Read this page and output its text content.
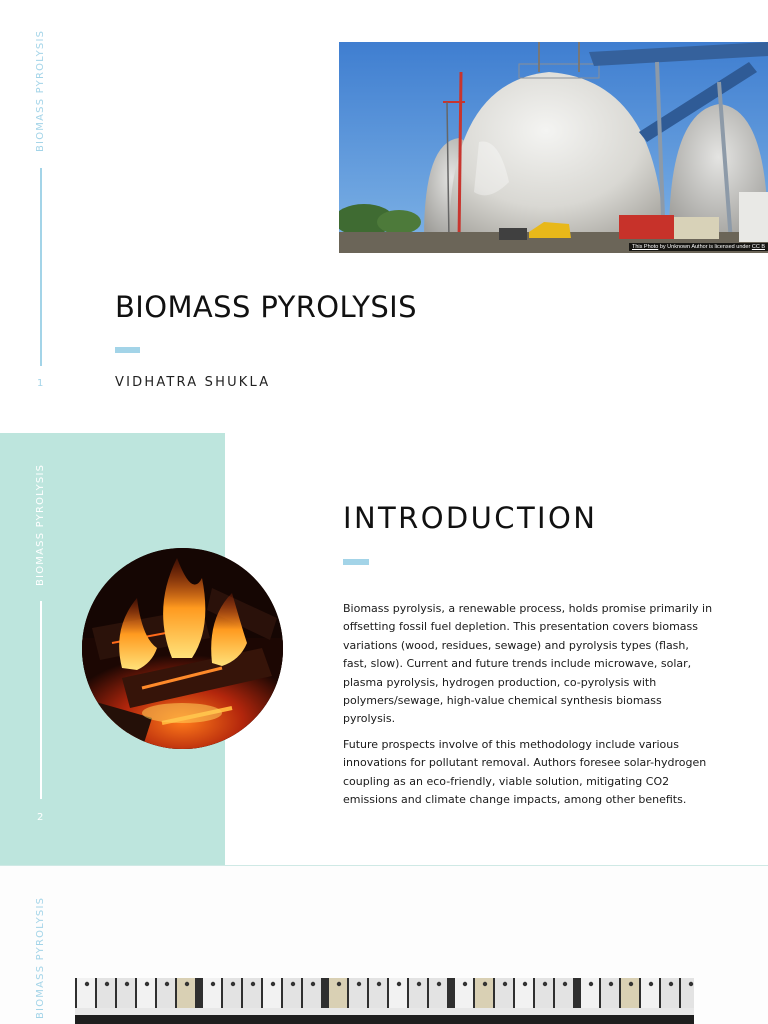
BIOMASS PYROLYSIS
1
This Photo by Unknown Author is licensed under CC B
BIOMASS PYROLYSIS
VIDHATRA SHUKLA
BIOMASS PYROLYSIS
2
INTRODUCTION

Biomass pyrolysis, a renewable process, holds promise primarily in offsetting fossil fuel depletion. This presentation covers biomass variations (wood, residues, sewage) and pyrolysis types (flash, fast, slow). Current and future trends include microwave, solar, plasma pyrolysis, hydrogen production, co-pyrolysis with polymers/sewage, high-value chemical synthesis biomass pyrolysis.

Future prospects involve of this methodology include various innovations for pollutant removal. Authors foresee solar-hydrogen coupling as an eco-friendly, viable solution, mitigating CO2 emissions and climate change impacts, among other benefits.

BIOMASS PYROLYSIS
